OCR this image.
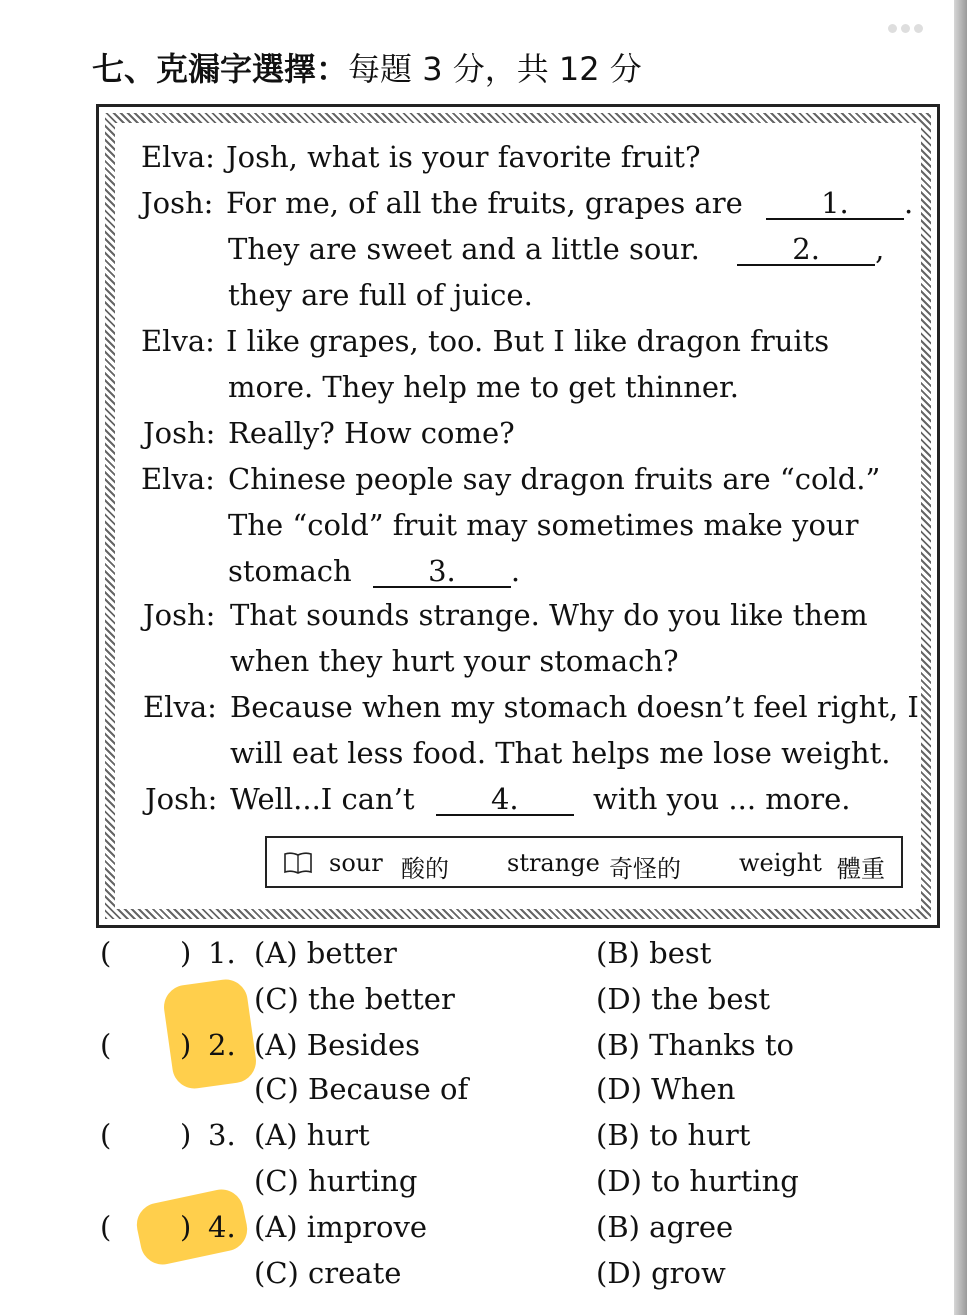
七、克漏字選擇：每題 3 分，共 12 分
Elva: Josh, what is your favorite fruit?
Josh: For me, of all the fruits, grapes are	1. .
They are sweet and a little sour.	2. ,
they are full of juice.
Elva: I like grapes, too. But I like dragon fruits
more. They help me to get thinner.
Josh: Really? How come?
Elva: Chinese people say dragon fruits are “cold.”
The “cold” fruit may sometimes make your
stomach	3. .
Josh: That sounds strange. Why do you like them
when they hurt your stomach?
Elva: Because when my stomach doesn’t feel right, I
will eat less food. That helps me lose weight.
Josh: Well...I can’t	4.	with you ... more.
sour 酸的 strange 奇怪的 weight 體重
( ) 1. (A) better	(B) best
(C) the better	(D) the best
( ) 2. (A) Besides	(B) Thanks to
(C) Because of	(D) When
( ) 3. (A) hurt	(B) to hurt
(C) hurting	(D) to hurting
( ) 4. (A) improve	(B) agree
(C) create	(D) grow
